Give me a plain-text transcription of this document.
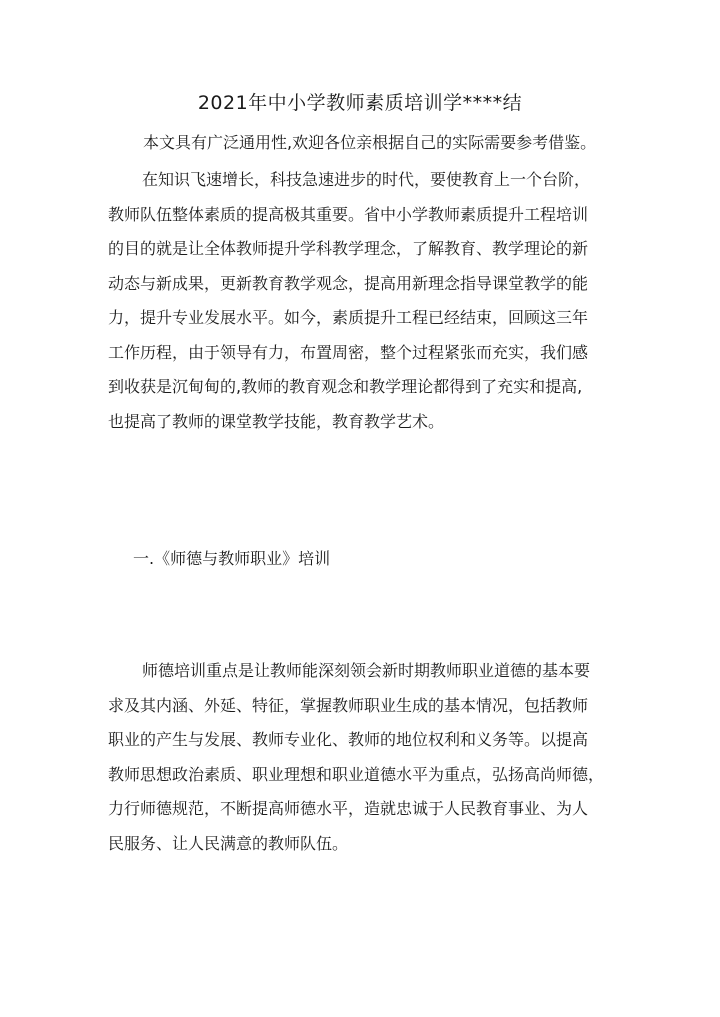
2021年中小学教师素质培训学****结
本文具有广泛通用性,欢迎各位亲根据自己的实际需要参考借鉴。

在知识飞速增长，科技急速进步的时代，要使教育上一个台阶，
教师队伍整体素质的提高极其重要。省中小学教师素质提升工程培训
的目的就是让全体教师提升学科教学理念，了解教育、教学理论的新
动态与新成果，更新教育教学观念，提高用新理念指导课堂教学的能
力，提升专业发展水平。如今，素质提升工程已经结束，回顾这三年
工作历程，由于领导有力，布置周密，整个过程紧张而充实，我们感
到收获是沉甸甸的,教师的教育观念和教学理论都得到了充实和提高,
也提高了教师的课堂教学技能，教育教学艺术。

一.《师德与教师职业》培训

师德培训重点是让教师能深刻领会新时期教师职业道德的基本要
求及其内涵、外延、特征，掌握教师职业生成的基本情况，包括教师
职业的产生与发展、教师专业化、教师的地位权利和义务等。以提高
教师思想政治素质、职业理想和职业道德水平为重点，弘扬高尚师德，
力行师德规范，不断提高师德水平，造就忠诚于人民教育事业、为人
民服务、让人民满意的教师队伍。
